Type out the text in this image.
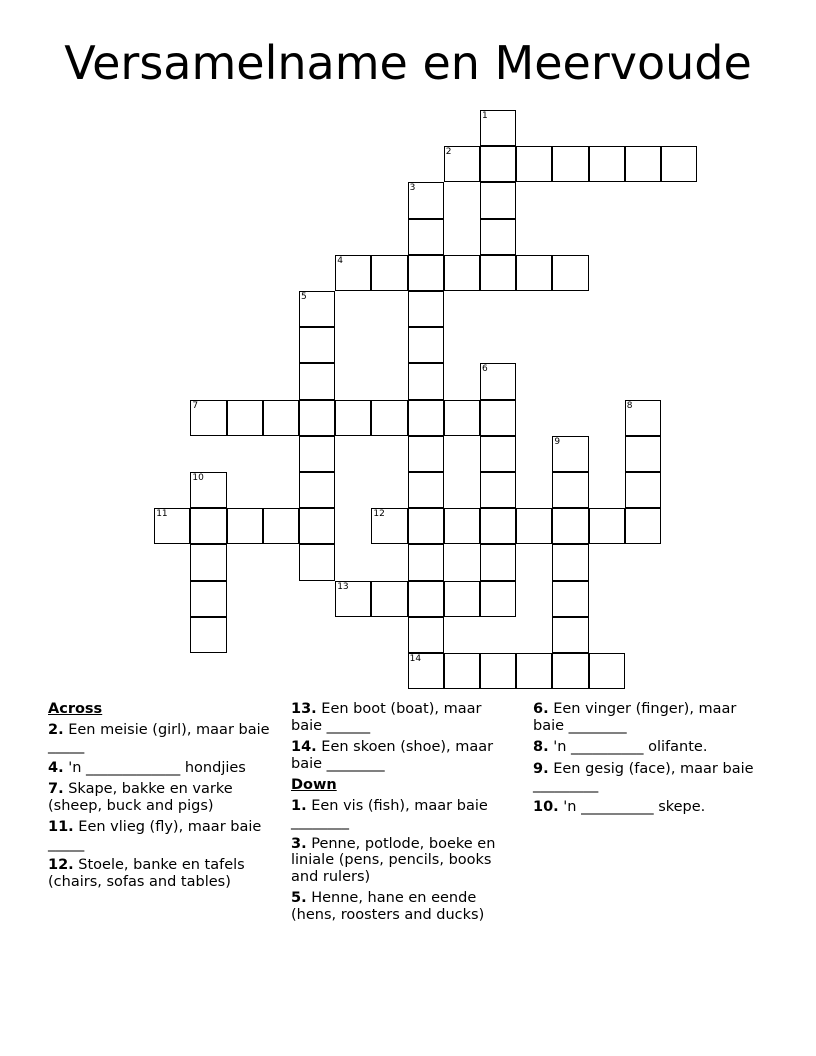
Versamelname en Meervoude
1
2
3
4
5
6
7	8
9
10
11	12
13
14
Across
2. Een meisie (girl), maar baie _____
4. 'n _____________ hondjies
7. Skape, bakke en varke (sheep, buck and pigs)
11. Een vlieg (fly), maar baie _____
12. Stoele, banke en tafels (chairs, sofas and tables)
13. Een boot (boat), maar baie ______
14. Een skoen (shoe), maar baie ________
Down
1. Een vis (fish), maar baie ________
3. Penne, potlode, boeke en liniale (pens, pencils, books and rulers)
5. Henne, hane en eende (hens, roosters and ducks)
6. Een vinger (finger), maar baie ________
8. 'n __________ olifante.
9. Een gesig (face), maar baie _________
10. 'n __________ skepe.
